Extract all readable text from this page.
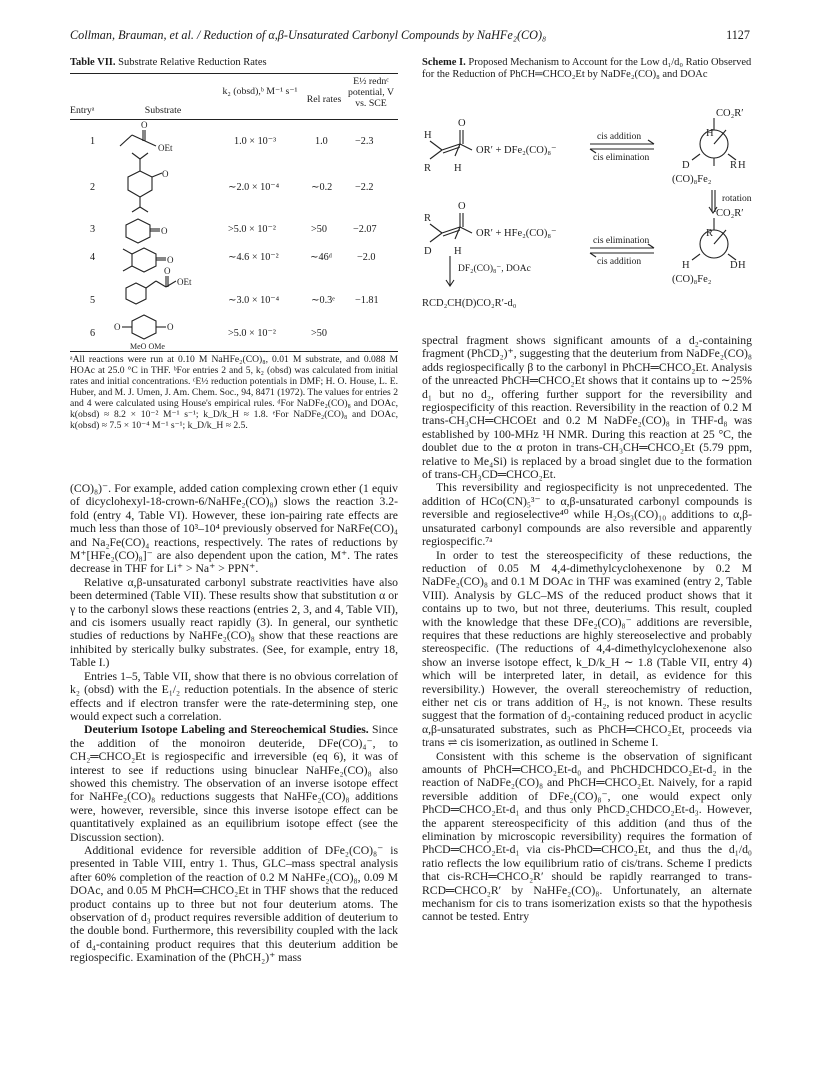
Collman, Brauman, et al. / Reduction of α,β-Unsaturated Carbonyl Compounds by NaHFe₂(CO)₈	1127
Table VII. Substrate Relative Reduction Rates
Entryᵃ	Substrate
k₂ (obsd),ᵇ M⁻¹ s⁻¹
Rel rates
E½ rednᶜ potential, V vs. SCE
1	1.0 × 10⁻³	1.0	−2.3
2	∼2.0 × 10⁻⁴	∼0.2 −2.2
3	>5.0 × 10⁻²	>50	−2.07
4	∼4.6 × 10⁻²	∼46ᵈ −2.0
5	∼3.0 × 10⁻⁴	∼0.3ᵉ −1.81
6	>5.0 × 10⁻²	>50
O
OEt
O
O
O
O
OEt
O	O
MeO OMe
ᵃAll reactions were run at 0.10 M NaHFe₂(CO)₈, 0.01 M substrate, and 0.088 M HOAc at 25.0 °C in THF. ᵇFor entries 2 and 5, k₂ (obsd) was calculated from initial rates and initial concentrations. ᶜE½ reduction potentials in DMF; H. O. House, L. E. Huber, and M. J. Umen, J. Am. Chem. Soc., 94, 8471 (1972). The values for entries 2 and 4 were calculated using House's empirical rules. ᵈFor NaDFe₂(CO)₈ and DOAc, k(obsd) ≈ 8.2 × 10⁻² M⁻¹ s⁻¹; k_D/k_H ≈ 1.8. ᵉFor NaDFe₂(CO)₈ and DOAc, k(obsd) ≈ 7.5 × 10⁻⁴ M⁻¹ s⁻¹; k_D/k_H ≈ 2.5.

(CO)₈)⁻. For example, added cation complexing crown ether (1 equiv of dicyclohexyl-18-crown-6/NaHFe₂(CO)₈) slows the reaction 3.2-fold (entry 4, Table VI). However, these ion-pairing rate effects are much less than those of 10³–10⁴ previously observed for NaRFe(CO)₄ and Na₂Fe(CO)₄ reactions, respectively. The rates of reductions by M⁺[HFe₂(CO)₈]⁻ are also dependent upon the cation, M⁺. The rates decrease in THF for Li⁺ > Na⁺ > PPN⁺.

Relative α,β-unsaturated carbonyl substrate reactivities have also been determined (Table VII). These results show that substitution α or γ to the carbonyl slows these reactions (entries 2, 3, and 4, Table VII), and cis isomers usually react rapidly (3). In general, our synthetic studies of reductions by NaHFe₂(CO)₈ show that these reactions are inhibited by sterically bulky substrates. (See, for example, entry 18, Table I.)

Entries 1–5, Table VII, show that there is no obvious correlation of k₂ (obsd) with the E₁/₂ reduction potentials. In the absence of steric effects and if electron transfer were the rate-determining step, one would expect such a correlation.

Deuterium Isotope Labeling and Stereochemical Studies. Since the addition of the monoiron deuteride, DFe(CO)₄⁻, to CH₂═CHCO₂Et is regiospecific and irreversible (eq 6), it was of interest to see if reductions using binuclear NaHFe₂(CO)₈ also showed this chemistry. The observation of an inverse isotope effect for NaHFe₂(CO)₈ reductions suggests that NaHFe₂(CO)₈ additions were, however, reversible, since this inverse isotope effect can be quantitatively explained as an equilibrium isotope effect (see the Discussion section).

Additional evidence for reversible addition of DFe₂(CO)₈⁻ is presented in Table VIII, entry 1. Thus, GLC–mass spectral analysis after 60% completion of the reaction of 0.2 M NaHFe₂(CO)₈, 0.09 M DOAc, and 0.05 M PhCH═CHCO₂Et in THF shows that the reduced product contains up to three but not four deuterium atoms. The observation of d₃ product requires reversible addition of deuterium to the double bond. Furthermore, this reversibility coupled with the lack of d₄-containing product requires that this deuterium addition be regiospecific. Examination of the (PhCH₂)⁺ mass

Scheme I. Proposed Mechanism to Account for the Low d₁/d₀ Ratio Observed for the Reduction of PhCH═CHCO₂Et by NaDFe₂(CO)₈ and DOAc
H
O
R H
H
D	R H
R
O
D H
R
H	D H
OR′ + DFe₂(CO)₈⁻
cis addition
cis elimination
CO₂R′
(CO)₈Fe₂
rotation
OR′ + HFe₂(CO)₈⁻
cis elimination
cis addition
CO₂R′
(CO)₈Fe₂
DF₂(CO)₈⁻, DOAc
RCD₂CH(D)CO₂R′-d₀

spectral fragment shows significant amounts of a d₂-containing fragment (PhCD₂)⁺, suggesting that the deuterium from NaDFe₂(CO)₈ adds regiospecifically β to the carbonyl in PhCH═CHCO₂Et. Analysis of the unreacted PhCH═CHCO₂Et shows that it contains up to ∼25% d₁ but no d₂, offering further support for the reversibility and regiospecificity of this reaction. Reversibility in the reaction of 0.2 M trans-CH₃CH═CHCOEt and 0.2 M NaDFe₂(CO)₈ in THF-d₈ was established by 100-MHz ¹H NMR. During this reaction at 25 °C, the doublet due to the α proton in trans-CH₃CH═CHCO₂Et (5.79 ppm, relative to Me₄Si) is replaced by a broad singlet due to the formation of trans-CH₃CD═CHCO₂Et.

This reversibility and regiospecificity is not unprecedented. The addition of HCo(CN)₅³⁻ to α,β-unsaturated carbonyl compounds is reversible and regioselective⁴⁰ while H₂Os₃(CO)₁₀ additions to α,β-unsaturated carbonyl compounds are also reversible and apparently regiospecific.⁷ᵃ

In order to test the stereospecificity of these reductions, the reduction of 0.05 M 4,4-dimethylcyclohexenone by 0.2 M NaDFe₂(CO)₈ and 0.1 M DOAc in THF was examined (entry 2, Table VIII). Analysis by GLC–MS of the reduced product shows that it contains up to two, but not three, deuteriums. This result, coupled with the knowledge that these DFe₂(CO)₈⁻ additions are reversible, requires that these reductions are highly stereoselective and probably stereospecific. (The reductions of 4,4-dimethylcyclohexenone also show an inverse isotope effect, k_D/k_H ∼ 1.8 (Table VII, entry 4) which will be interpreted later, in detail, as evidence for this reversibility.) However, the overall stereochemistry of reduction, either net cis or trans addition of H₂, is not known. These results suggest that the formation of d₃-containing reduced product in acyclic α,β-unsaturated substrates, such as PhCH═CHCO₂Et, proceeds via trans ⇌ cis isomerization, as outlined in Scheme I.

Consistent with this scheme is the observation of significant amounts of PhCH═CHCO₂Et-d₀ and PhCHDCHDCO₂Et-d₂ in the reaction of NaDFe₂(CO)₈ and PhCH═CHCO₂Et. Naively, for a rapid reversible addition of DFe₂(CO)₈⁻, one would expect only PhCD═CHCO₂Et-d₁ and thus only PhCD₂CHDCO₂Et-d₃. However, the apparent stereospecificity of this addition (and thus of the elimination by microscopic reversibility) requires the formation of PhCD═CHCO₂Et-d₁ via cis-PhCD═CHCO₂Et, and thus the d₁/d₀ ratio reflects the low equilibrium ratio of cis/trans. Scheme I predicts that cis-RCH═CHCO₂R′ should be rapidly rearranged to trans-RCD═CHCO₂R′ by NaHFe₂(CO)₈. Unfortunately, an alternate mechanism for cis to trans isomerization exists so that the hypothesis cannot be tested. Entry
